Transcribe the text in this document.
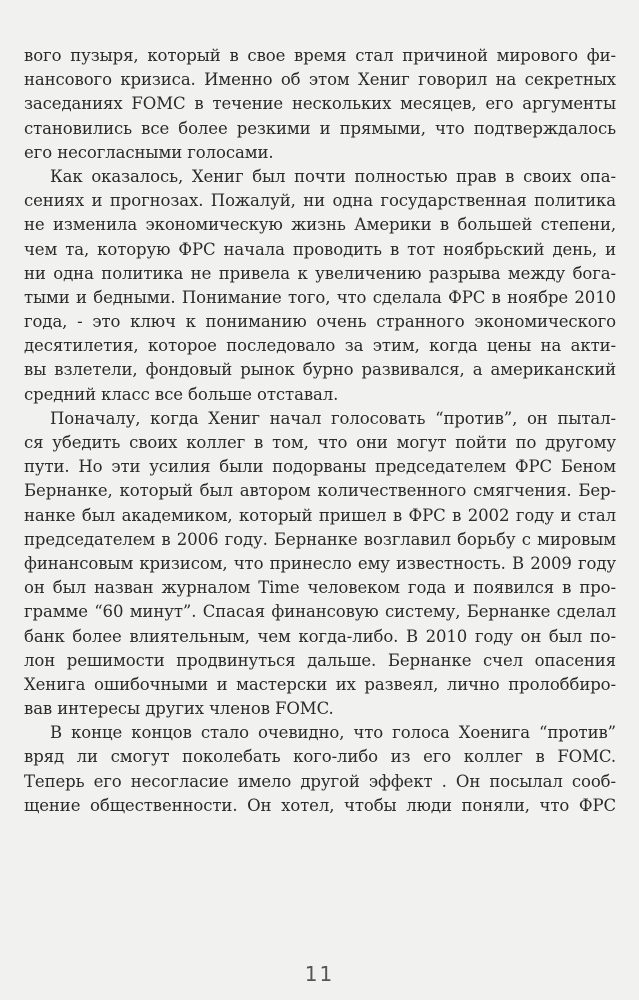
вого пузыря, который в свое время стал причиной мирового фи-
нансового кризиса. Именно об этом Хениг говорил на секретных
заседаниях FOMC в течение нескольких месяцев, его аргументы
становились все более резкими и прямыми, что подтверждалось
его несогласными голосами.
Как оказалось, Хениг был почти полностью прав в своих опа-
сениях и прогнозах. Пожалуй, ни одна государственная политика
не изменила экономическую жизнь Америки в большей степени,
чем та, которую ФРС начала проводить в тот ноябрьский день, и
ни одна политика не привела к увеличению разрыва между бога-
тыми и бедными. Понимание того, что сделала ФРС в ноябре 2010
года, - это ключ к пониманию очень странного экономического
десятилетия, которое последовало за этим, когда цены на акти-
вы взлетели, фондовый рынок бурно развивался, а американский
средний класс все больше отставал.
Поначалу, когда Хениг начал голосовать “против”, он пытал-
ся убедить своих коллег в том, что они могут пойти по другому
пути. Но эти усилия были подорваны председателем ФРС Беном
Бернанке, который был автором количественного смягчения. Бер-
нанке был академиком, который пришел в ФРС в 2002 году и стал
председателем в 2006 году. Бернанке возглавил борьбу с мировым
финансовым кризисом, что принесло ему известность. В 2009 году
он был назван журналом Time человеком года и появился в про-
грамме “60 минут”. Спасая финансовую систему, Бернанке сделал
банк более влиятельным, чем когда-либо. В 2010 году он был по-
лон решимости продвинуться дальше. Бернанке счел опасения
Хенига ошибочными и мастерски их развеял, лично пролоббиро-
вав интересы других членов FOMC.
В конце концов стало очевидно, что голоса Хоенига “против”
вряд ли смогут поколебать кого-либо из его коллег в FOMC.
Теперь его несогласие имело другой эффект . Он посылал сооб-
щение общественности. Он хотел, чтобы люди поняли, что ФРС
11
